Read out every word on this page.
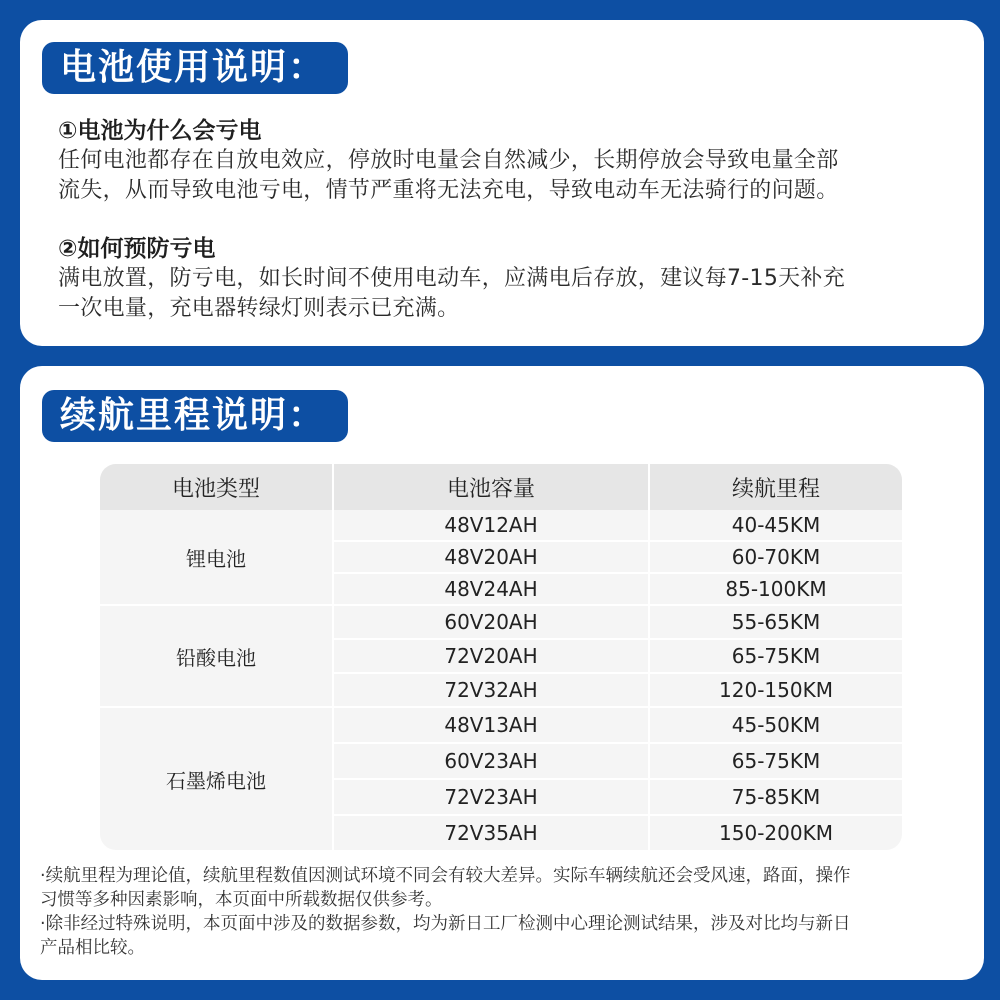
电池使用说明：
①电池为什么会亏电
任何电池都存在自放电效应，停放时电量会自然减少，长期停放会导致电量全部
流失，从而导致电池亏电，情节严重将无法充电，导致电动车无法骑行的问题。
②如何预防亏电
满电放置，防亏电，如长时间不使用电动车，应满电后存放，建议每7-15天补充
一次电量，充电器转绿灯则表示已充满。
续航里程说明：
电池类型	电池容量	续航里程
锂电池
48V12AH	40-45KM
48V20AH	60-70KM
48V24AH	85-100KM
铅酸电池
60V20AH	55-65KM
72V20AH	65-75KM
72V32AH	120-150KM
石墨烯电池
48V13AH	45-50KM
60V23AH	65-75KM
72V23AH	75-85KM
72V35AH	150-200KM
·续航里程为理论值，续航里程数值因测试环境不同会有较大差异。实际车辆续航还会受风速，路面，操作
习惯等多种因素影响，本页面中所载数据仅供参考。
·除非经过特殊说明，本页面中涉及的数据参数，均为新日工厂检测中心理论测试结果，涉及对比均与新日
产品相比较。
